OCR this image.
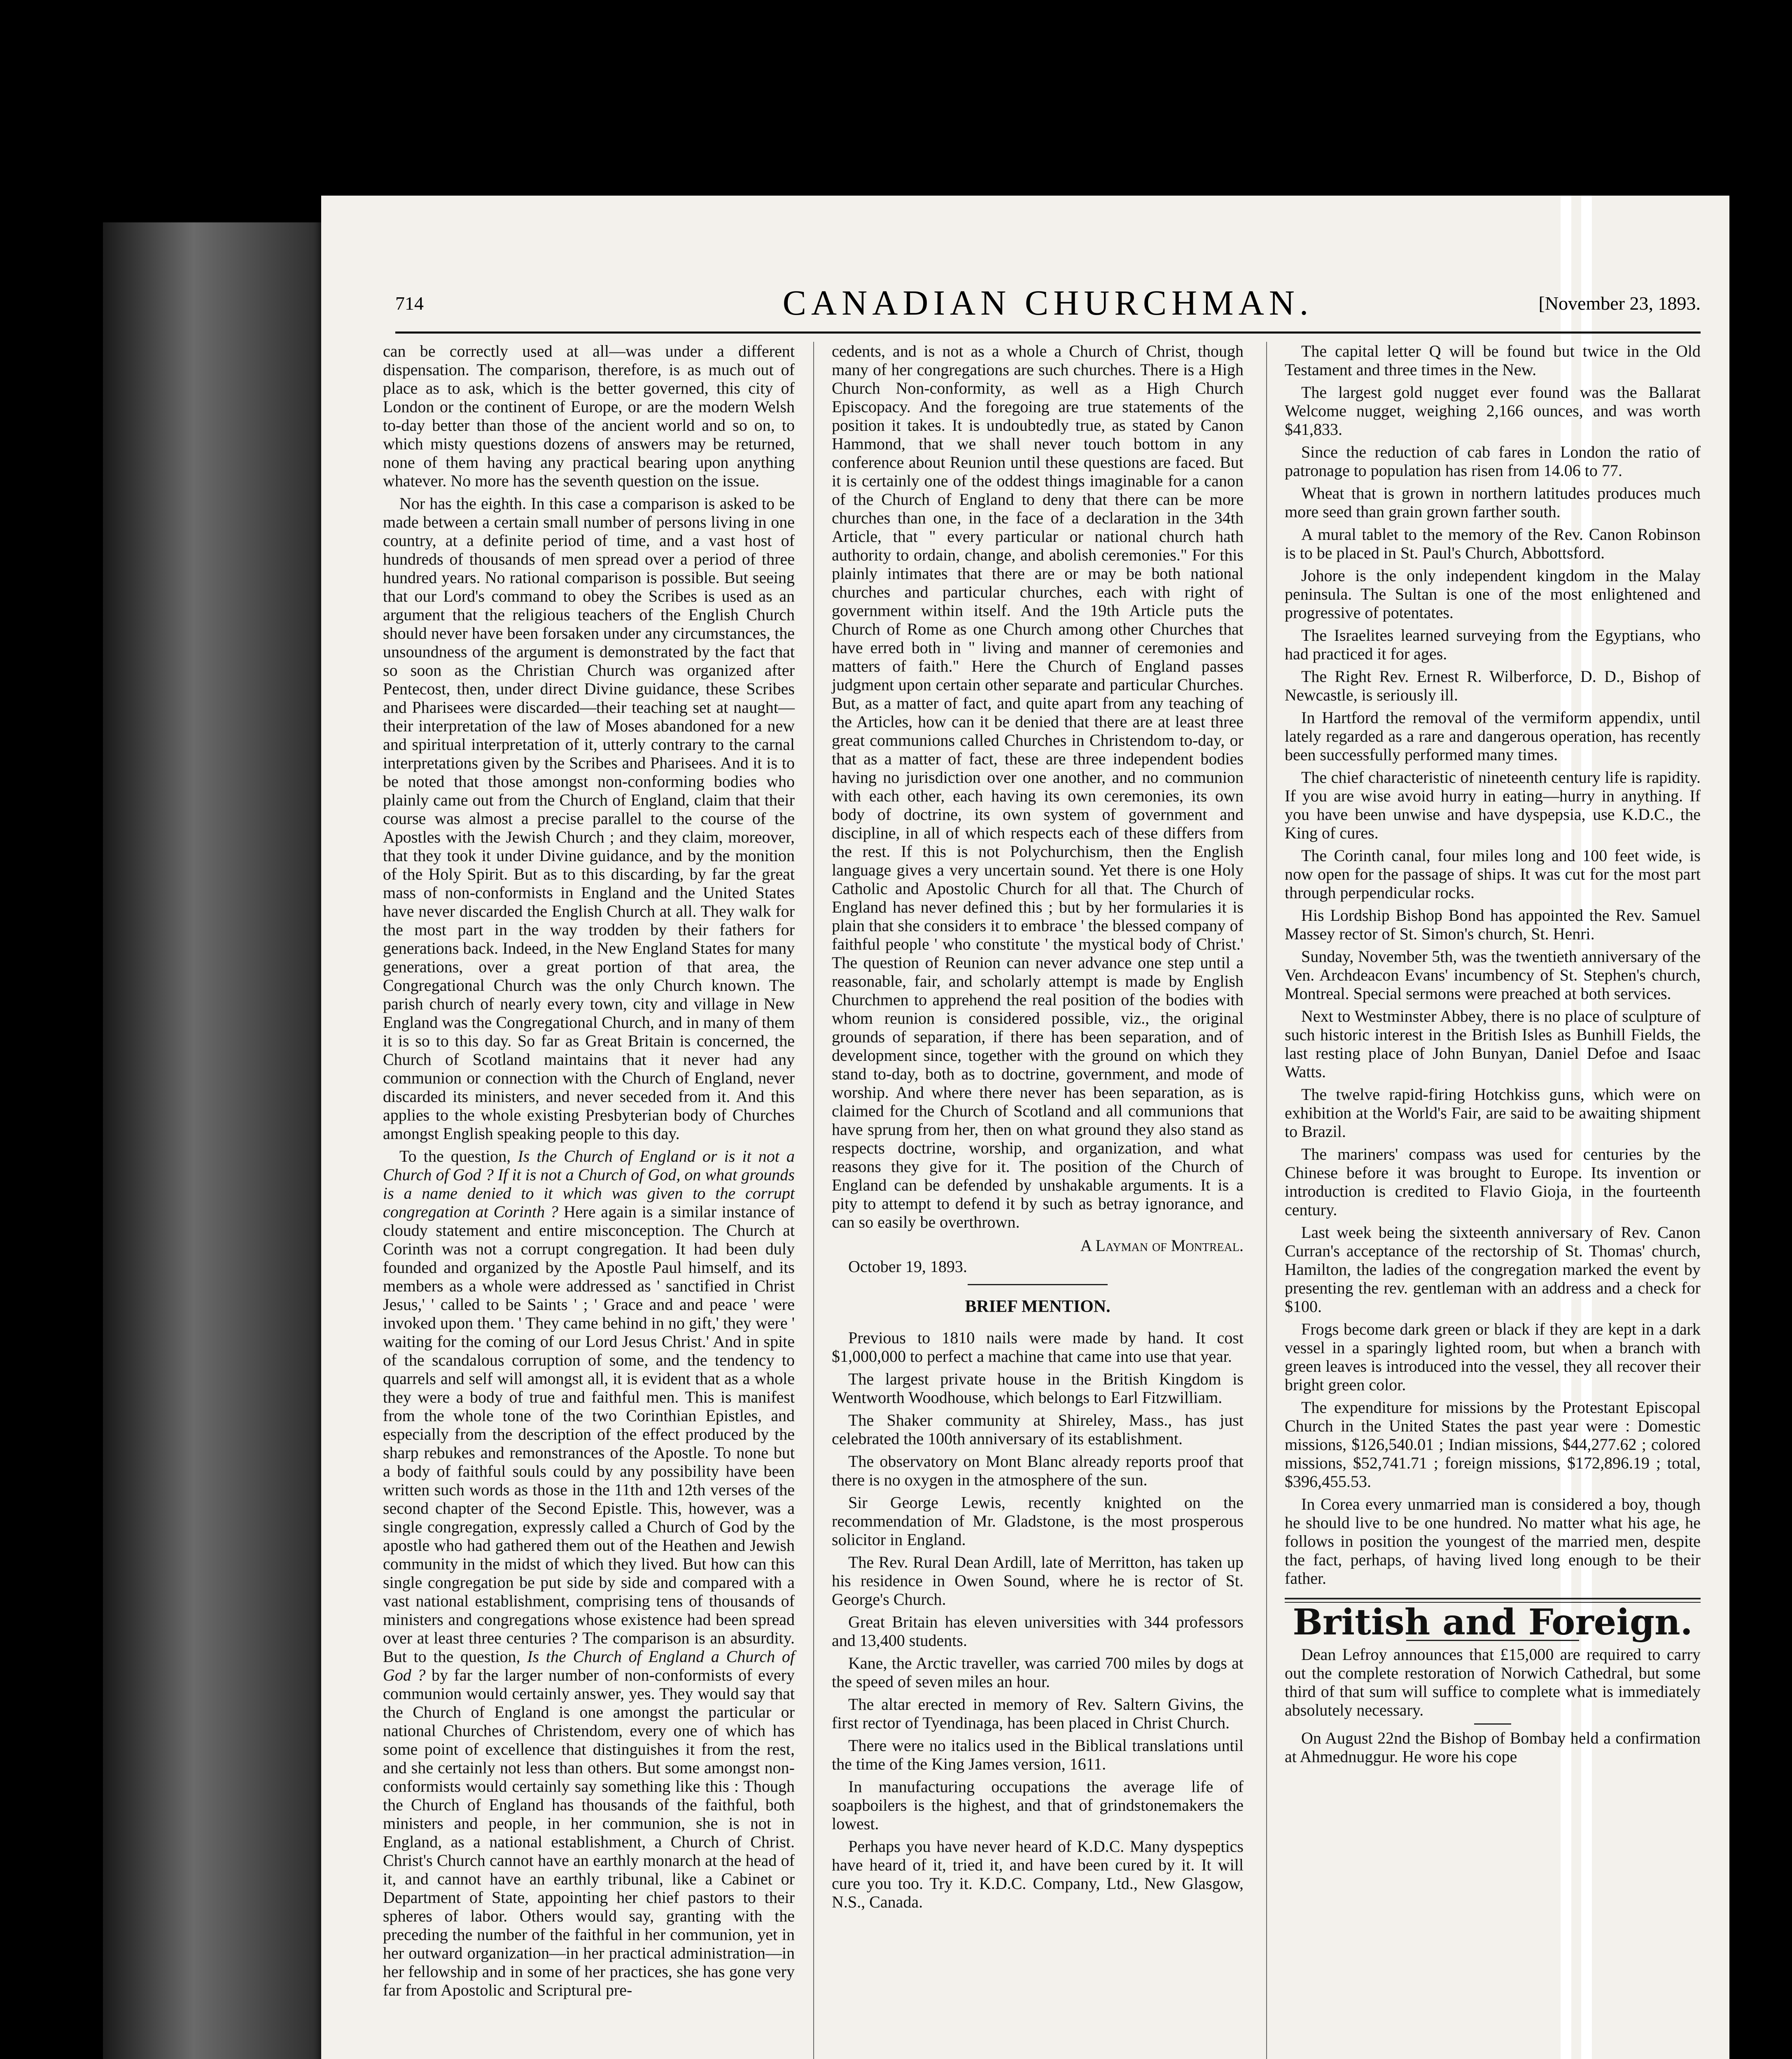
714	CANADIAN CHURCHMAN.	[November 23, 1893.

can be correctly used at all—was under a different dispensation. The comparison, therefore, is as much out of place as to ask, which is the better governed, this city of London or the continent of Europe, or are the modern Welsh to-day better than those of the ancient world and so on, to which misty questions dozens of answers may be returned, none of them having any practical bearing upon anything whatever. No more has the seventh question on the issue.

Nor has the eighth. In this case a comparison is asked to be made between a certain small number of persons living in one country, at a definite period of time, and a vast host of hundreds of thousands of men spread over a period of three hundred years. No rational comparison is possible. But seeing that our Lord's command to obey the Scribes is used as an argument that the religious teachers of the English Church should never have been forsaken under any circumstances, the unsoundness of the argument is demonstrated by the fact that so soon as the Christian Church was organized after Pentecost, then, under direct Divine guidance, these Scribes and Pharisees were discarded—their teaching set at naught—their interpretation of the law of Moses abandoned for a new and spiritual interpretation of it, utterly contrary to the carnal interpretations given by the Scribes and Pharisees. And it is to be noted that those amongst non-conforming bodies who plainly came out from the Church of England, claim that their course was almost a precise parallel to the course of the Apostles with the Jewish Church ; and they claim, moreover, that they took it under Divine guidance, and by the monition of the Holy Spirit. But as to this discarding, by far the great mass of non-conformists in England and the United States have never discarded the English Church at all. They walk for the most part in the way trodden by their fathers for generations back. Indeed, in the New England States for many generations, over a great portion of that area, the Congregational Church was the only Church known. The parish church of nearly every town, city and village in New England was the Congregational Church, and in many of them it is so to this day. So far as Great Britain is concerned, the Church of Scotland maintains that it never had any communion or connection with the Church of England, never discarded its ministers, and never seceded from it. And this applies to the whole existing Presbyterian body of Churches amongst English speaking people to this day.

To the question, Is the Church of England or is it not a Church of God ? If it is not a Church of God, on what grounds is a name denied to it which was given to the corrupt congregation at Corinth ? Here again is a similar instance of cloudy statement and entire misconception. The Church at Corinth was not a corrupt congregation. It had been duly founded and organized by the Apostle Paul himself, and its members as a whole were addressed as ' sanctified in Christ Jesus,' ' called to be Saints ' ; ' Grace and and peace ' were invoked upon them. ' They came behind in no gift,' they were ' waiting for the coming of our Lord Jesus Christ.' And in spite of the scandalous corruption of some, and the tendency to quarrels and self will amongst all, it is evident that as a whole they were a body of true and faithful men. This is manifest from the whole tone of the two Corinthian Epistles, and especially from the description of the effect produced by the sharp rebukes and remonstrances of the Apostle. To none but a body of faithful souls could by any possibility have been written such words as those in the 11th and 12th verses of the second chapter of the Second Epistle. This, however, was a single congregation, expressly called a Church of God by the apostle who had gathered them out of the Heathen and Jewish community in the midst of which they lived. But how can this single congregation be put side by side and compared with a vast national establishment, comprising tens of thousands of ministers and congregations whose existence had been spread over at least three centuries ? The comparison is an absurdity. But to the question, Is the Church of England a Church of God ? by far the larger number of non-conformists of every communion would certainly answer, yes. They would say that the Church of England is one amongst the particular or national Churches of Christendom, every one of which has some point of excellence that distinguishes it from the rest, and she certainly not less than others. But some amongst non-conformists would certainly say something like this : Though the Church of England has thousands of the faithful, both ministers and people, in her communion, she is not in England, as a national establishment, a Church of Christ. Christ's Church cannot have an earthly monarch at the head of it, and cannot have an earthly tribunal, like a Cabinet or Department of State, appointing her chief pastors to their spheres of labor. Others would say, granting with the preceding the number of the faithful in her communion, yet in her outward organization—in her practical administration—in her fellowship and in some of her practices, she has gone very far from Apostolic and Scriptural pre-

cedents, and is not as a whole a Church of Christ, though many of her congregations are such churches. There is a High Church Non-conformity, as well as a High Church Episcopacy. And the foregoing are true statements of the position it takes. It is undoubtedly true, as stated by Canon Hammond, that we shall never touch bottom in any conference about Reunion until these questions are faced. But it is certainly one of the oddest things imaginable for a canon of the Church of England to deny that there can be more churches than one, in the face of a declaration in the 34th Article, that " every particular or national church hath authority to ordain, change, and abolish ceremonies." For this plainly intimates that there are or may be both national churches and particular churches, each with right of government within itself. And the 19th Article puts the Church of Rome as one Church among other Churches that have erred both in " living and manner of ceremonies and matters of faith." Here the Church of England passes judgment upon certain other separate and particular Churches. But, as a matter of fact, and quite apart from any teaching of the Articles, how can it be denied that there are at least three great communions called Churches in Christendom to-day, or that as a matter of fact, these are three independent bodies having no jurisdiction over one another, and no communion with each other, each having its own ceremonies, its own body of doctrine, its own system of government and discipline, in all of which respects each of these differs from the rest. If this is not Polychurchism, then the English language gives a very uncertain sound. Yet there is one Holy Catholic and Apostolic Church for all that. The Church of England has never defined this ; but by her formularies it is plain that she considers it to embrace ' the blessed company of faithful people ' who constitute ' the mystical body of Christ.' The question of Reunion can never advance one step until a reasonable, fair, and scholarly attempt is made by English Churchmen to apprehend the real position of the bodies with whom reunion is considered possible, viz., the original grounds of separation, if there has been separation, and of development since, together with the ground on which they stand to-day, both as to doctrine, government, and mode of worship. And where there never has been separation, as is claimed for the Church of Scotland and all communions that have sprung from her, then on what ground they also stand as respects doctrine, worship, and organization, and what reasons they give for it. The position of the Church of England can be defended by unshakable arguments. It is a pity to attempt to defend it by such as betray ignorance, and can so easily be overthrown.

A Layman of Montreal.
October 19, 1893.
BRIEF MENTION.

Previous to 1810 nails were made by hand. It cost $1,000,000 to perfect a machine that came into use that year.

The largest private house in the British Kingdom is Wentworth Woodhouse, which belongs to Earl Fitzwilliam.

The Shaker community at Shireley, Mass., has just celebrated the 100th anniversary of its establishment.

The observatory on Mont Blanc already reports proof that there is no oxygen in the atmosphere of the sun.

Sir George Lewis, recently knighted on the recommendation of Mr. Gladstone, is the most prosperous solicitor in England.

The Rev. Rural Dean Ardill, late of Merritton, has taken up his residence in Owen Sound, where he is rector of St. George's Church.

Great Britain has eleven universities with 344 professors and 13,400 students.

Kane, the Arctic traveller, was carried 700 miles by dogs at the speed of seven miles an hour.

The altar erected in memory of Rev. Saltern Givins, the first rector of Tyendinaga, has been placed in Christ Church.

There were no italics used in the Biblical translations until the time of the King James version, 1611.

In manufacturing occupations the average life of soapboilers is the highest, and that of grindstonemakers the lowest.

Perhaps you have never heard of K.D.C. Many dyspeptics have heard of it, tried it, and have been cured by it. It will cure you too. Try it. K.D.C. Company, Ltd., New Glasgow, N.S., Canada.

The capital letter Q will be found but twice in the Old Testament and three times in the New.

The largest gold nugget ever found was the Ballarat Welcome nugget, weighing 2,166 ounces, and was worth $41,833.

Since the reduction of cab fares in London the ratio of patronage to population has risen from 14.06 to 77.

Wheat that is grown in northern latitudes produces much more seed than grain grown farther south.

A mural tablet to the memory of the Rev. Canon Robinson is to be placed in St. Paul's Church, Abbottsford.

Johore is the only independent kingdom in the Malay peninsula. The Sultan is one of the most enlightened and progressive of potentates.

The Israelites learned surveying from the Egyptians, who had practiced it for ages.

The Right Rev. Ernest R. Wilberforce, D. D., Bishop of Newcastle, is seriously ill.

In Hartford the removal of the vermiform appendix, until lately regarded as a rare and dangerous operation, has recently been successfully performed many times.

The chief characteristic of nineteenth century life is rapidity. If you are wise avoid hurry in eating—hurry in anything. If you have been unwise and have dyspepsia, use K.D.C., the King of cures.

The Corinth canal, four miles long and 100 feet wide, is now open for the passage of ships. It was cut for the most part through perpendicular rocks.

His Lordship Bishop Bond has appointed the Rev. Samuel Massey rector of St. Simon's church, St. Henri.

Sunday, November 5th, was the twentieth anniversary of the Ven. Archdeacon Evans' incumbency of St. Stephen's church, Montreal. Special sermons were preached at both services.

Next to Westminster Abbey, there is no place of sculpture of such historic interest in the British Isles as Bunhill Fields, the last resting place of John Bunyan, Daniel Defoe and Isaac Watts.

The twelve rapid-firing Hotchkiss guns, which were on exhibition at the World's Fair, are said to be awaiting shipment to Brazil.

The mariners' compass was used for centuries by the Chinese before it was brought to Europe. Its invention or introduction is credited to Flavio Gioja, in the fourteenth century.

Last week being the sixteenth anniversary of Rev. Canon Curran's acceptance of the rectorship of St. Thomas' church, Hamilton, the ladies of the congregation marked the event by presenting the rev. gentleman with an address and a check for $100.

Frogs become dark green or black if they are kept in a dark vessel in a sparingly lighted room, but when a branch with green leaves is introduced into the vessel, they all recover their bright green color.

The expenditure for missions by the Protestant Episcopal Church in the United States the past year were : Domestic missions, $126,540.01 ; Indian missions, $44,277.62 ; colored missions, $52,741.71 ; foreign missions, $172,896.19 ; total, $396,455.53.

In Corea every unmarried man is considered a boy, though he should live to be one hundred. No matter what his age, he follows in position the youngest of the married men, despite the fact, perhaps, of having lived long enough to be their father.

British and Foreign.

Dean Lefroy announces that £15,000 are required to carry out the complete restoration of Norwich Cathedral, but some third of that sum will suffice to complete what is immediately absolutely necessary.

On August 22nd the Bishop of Bombay held a confirmation at Ahmednuggur. He wore his cope
